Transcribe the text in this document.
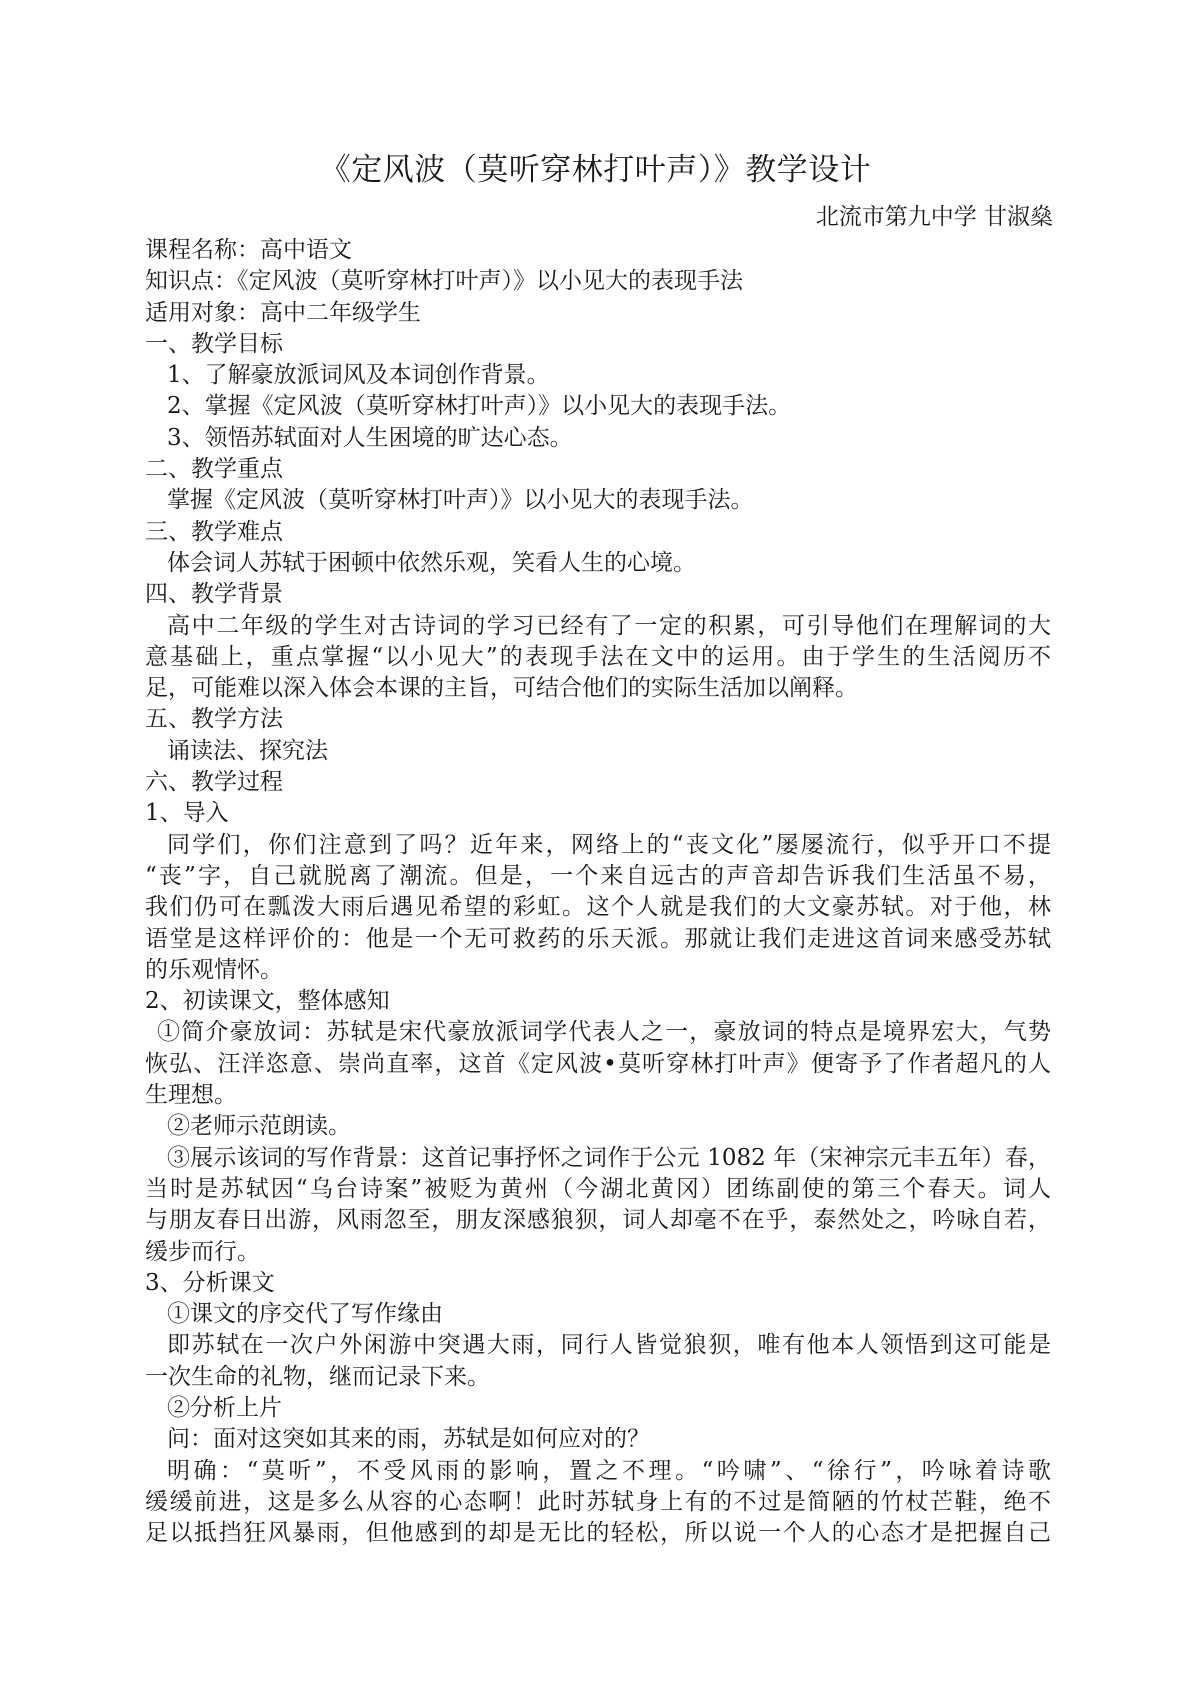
《定风波（莫听穿林打叶声）》教学设计
北流市第九中学 甘淑燊
课程名称：高中语文
知识点：《定风波（莫听穿林打叶声）》以小见大的表现手法
适用对象：高中二年级学生
一、教学目标
1、了解豪放派词风及本词创作背景。
2、掌握《定风波（莫听穿林打叶声）》以小见大的表现手法。
3、领悟苏轼面对人生困境的旷达心态。
二、教学重点
掌握《定风波（莫听穿林打叶声）》以小见大的表现手法。
三、教学难点
体会词人苏轼于困顿中依然乐观，笑看人生的心境。
四、教学背景
高中二年级的学生对古诗词的学习已经有了一定的积累，可引导他们在理解词的大
意基础上，重点掌握“以小见大”的表现手法在文中的运用。由于学生的生活阅历不
足，可能难以深入体会本课的主旨，可结合他们的实际生活加以阐释。
五、教学方法
诵读法、探究法
六、教学过程
1、导入
同学们，你们注意到了吗？近年来，网络上的“丧文化”屡屡流行，似乎开口不提
“丧”字，自己就脱离了潮流。但是，一个来自远古的声音却告诉我们生活虽不易，
我们仍可在瓢泼大雨后遇见希望的彩虹。这个人就是我们的大文豪苏轼。对于他，林
语堂是这样评价的：他是一个无可救药的乐天派。那就让我们走进这首词来感受苏轼
的乐观情怀。
2、初读课文，整体感知
①简介豪放词：苏轼是宋代豪放派词学代表人之一，豪放词的特点是境界宏大，气势
恢弘、汪洋恣意、崇尚直率，这首《定风波•莫听穿林打叶声》便寄予了作者超凡的人
生理想。
②老师示范朗读。
③展示该词的写作背景：这首记事抒怀之词作于公元 1082 年（宋神宗元丰五年）春，
当时是苏轼因“乌台诗案”被贬为黄州（今湖北黄冈）团练副使的第三个春天。词人
与朋友春日出游，风雨忽至，朋友深感狼狈，词人却毫不在乎，泰然处之，吟咏自若，
缓步而行。
3、分析课文
①课文的序交代了写作缘由
即苏轼在一次户外闲游中突遇大雨，同行人皆觉狼狈，唯有他本人领悟到这可能是
一次生命的礼物，继而记录下来。
②分析上片
问：面对这突如其来的雨，苏轼是如何应对的？
明确：“莫听”，不受风雨的影响，置之不理。“吟啸”、“徐行”，吟咏着诗歌
缓缓前进，这是多么从容的心态啊！此时苏轼身上有的不过是简陋的竹杖芒鞋，绝不
足以抵挡狂风暴雨，但他感到的却是无比的轻松，所以说一个人的心态才是把握自己
